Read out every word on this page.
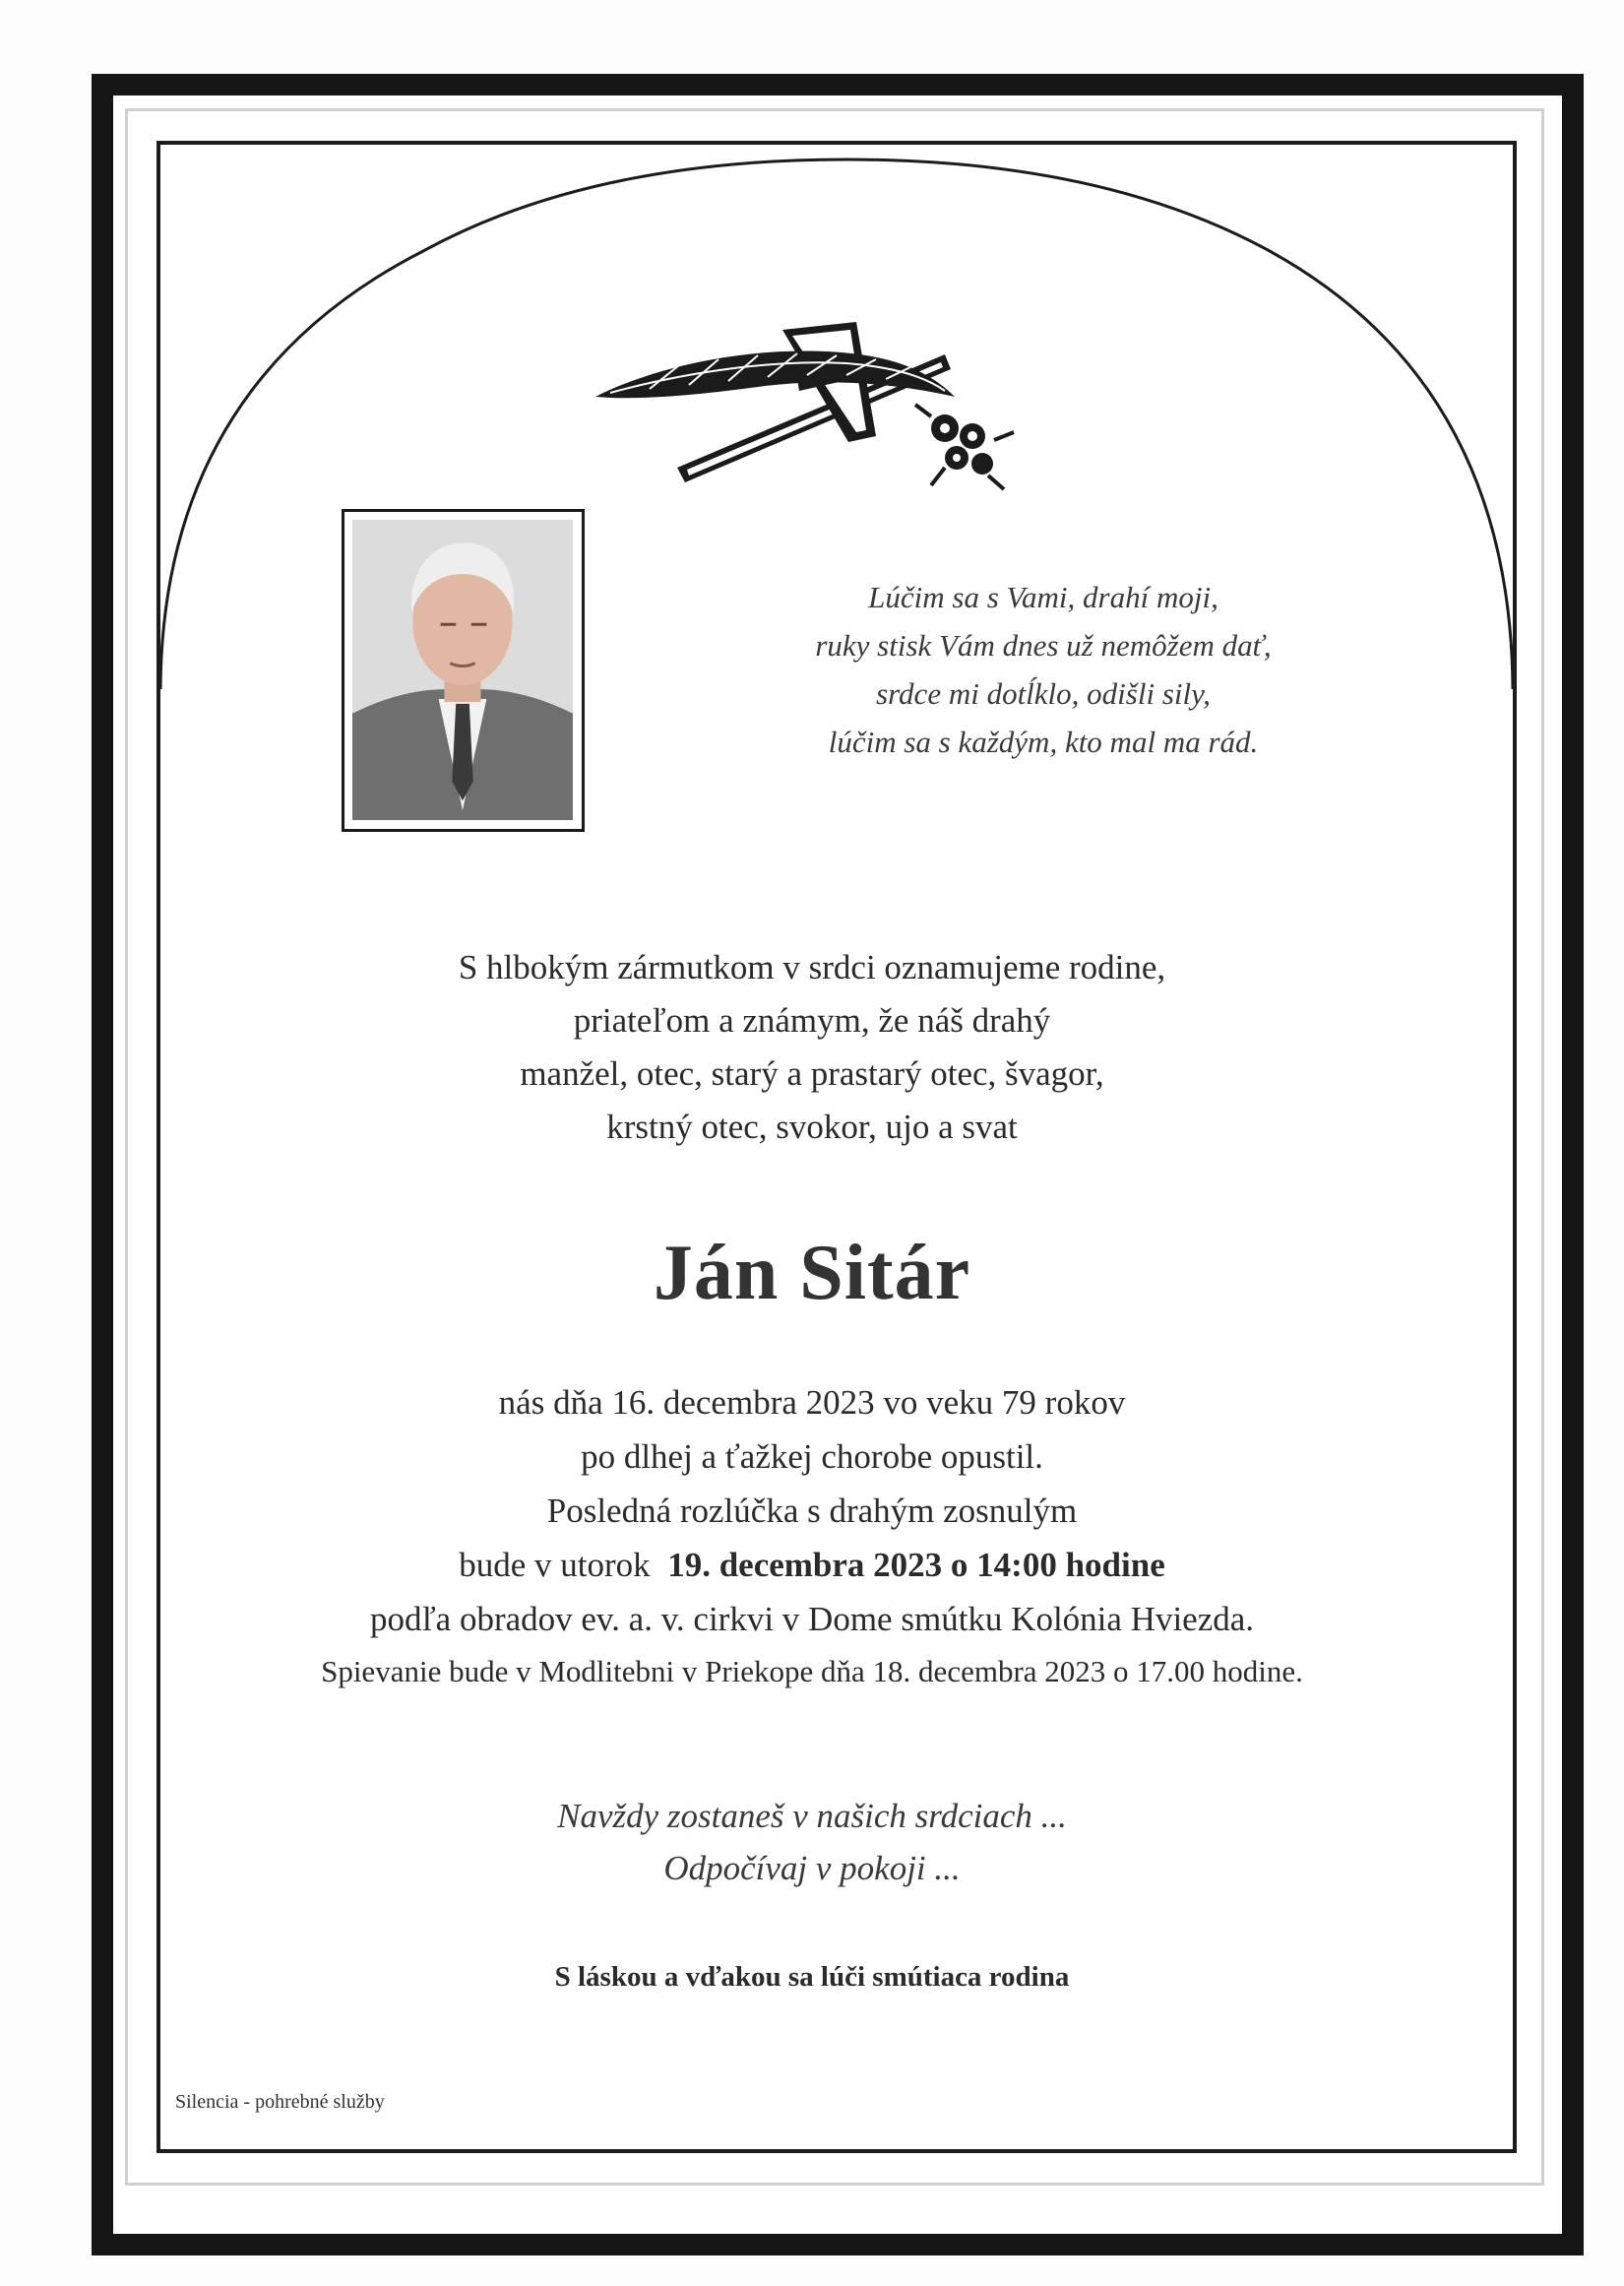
Lúčim sa s Vami, drahí moji,
ruky stisk Vám dnes už nemôžem dať,
srdce mi dotĺklo, odišli sily,
lúčim sa s každým, kto mal ma rád.
S hlbokým zármutkom v srdci oznamujeme rodine,
priateľom a známym, že náš drahý
manžel, otec, starý a prastarý otec, švagor,
krstný otec, svokor, ujo a svat
Ján Sitár
nás dňa 16. decembra 2023 vo veku 79 rokov
po dlhej a ťažkej chorobe opustil.
Posledná rozlúčka s drahým zosnulým
bude v utorok 19. decembra 2023 o 14:00 hodine
podľa obradov ev. a. v. cirkvi v Dome smútku Kolónia Hviezda.
Spievanie bude v Modlitebni v Priekope dňa 18. decembra 2023 o 17.00 hodine.
Navždy zostaneš v našich srdciach ...
Odpočívaj v pokoji ...
S láskou a vďakou sa lúči smútiaca rodina
Silencia - pohrebné služby
